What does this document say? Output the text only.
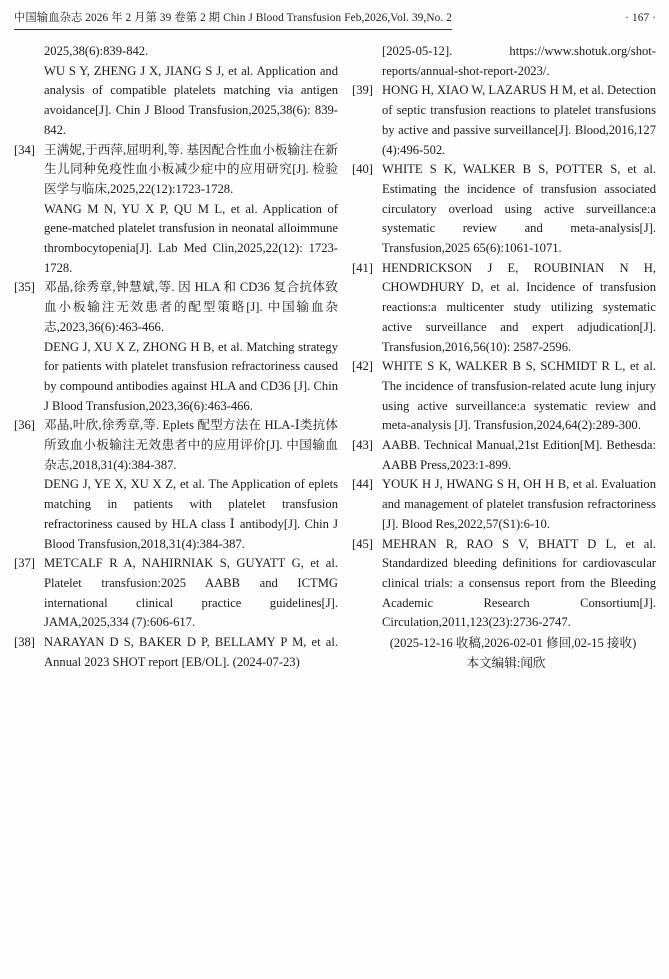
中国输血杂志 2026 年 2 月第 39 卷第 2 期 Chin J Blood Transfusion Feb,2026,Vol. 39,No. 2	· 167 ·
2025,38(6):839-842.
WU S Y, ZHENG J X, JIANG S J, et al. Application and analysis of compatible platelets matching via antigen avoidance[J]. Chin J Blood Transfusion,2025,38(6): 839-842.
[34] 王满妮,于西萍,屈明利,等. 基因配合性血小板输注在新生儿同种免疫性血小板减少症中的应用研究[J]. 检验医学与临床,2025,22(12):1723-1728.
WANG M N, YU X P, QU M L, et al. Application of gene-matched platelet transfusion in neonatal alloimmune thrombocytopenia[J]. Lab Med Clin,2025,22(12): 1723-1728.
[35] 邓晶,徐秀章,钟慧斌,等. 因 HLA 和 CD36 复合抗体致血小板输注无效患者的配型策略[J]. 中国输血杂志,2023,36(6):463-466.
DENG J, XU X Z, ZHONG H B, et al. Matching strategy for patients with platelet transfusion refractoriness caused by compound antibodies against HLA and CD36 [J]. Chin J Blood Transfusion,2023,36(6):463-466.
[36] 邓晶,叶欣,徐秀章,等. Eplets 配型方法在 HLA-Ⅰ类抗体所致血小板输注无效患者中的应用评价[J]. 中国输血杂志,2018,31(4):384-387.
DENG J, YE X, XU X Z, et al. The Application of eplets matching in patients with platelet transfusion refractoriness caused by HLA class Ⅰ antibody[J]. Chin J Blood Transfusion,2018,31(4):384-387.
[37] METCALF R A, NAHIRNIAK S, GUYATT G, et al. Platelet transfusion:2025 AABB and ICTMG international clinical practice guidelines[J]. JAMA,2025,334 (7):606-617.
[38] NARAYAN D S, BAKER D P, BELLAMY P M, et al. Annual 2023 SHOT report [EB/OL]. (2024-07-23)
[2025-05-12]. https://www.shotuk.org/shot-reports/annual-shot-report-2023/.
[39] HONG H, XIAO W, LAZARUS H M, et al. Detection of septic transfusion reactions to platelet transfusions by active and passive surveillance[J]. Blood,2016,127 (4):496-502.
[40] WHITE S K, WALKER B S, POTTER S, et al. Estimating the incidence of transfusion associated circulatory overload using active surveillance:a systematic review and meta-analysis[J]. Transfusion,2025 65(6):1061-1071.
[41] HENDRICKSON J E, ROUBINIAN N H, CHOWDHURY D, et al. Incidence of transfusion reactions:a multicenter study utilizing systematic active surveillance and expert adjudication[J]. Transfusion,2016,56(10): 2587-2596.
[42] WHITE S K, WALKER B S, SCHMIDT R L, et al. The incidence of transfusion-related acute lung injury using active surveillance:a systematic review and meta-analysis [J]. Transfusion,2024,64(2):289-300.
[43] AABB. Technical Manual,21st Edition[M]. Bethesda: AABB Press,2023:1-899.
[44] YOUK H J, HWANG S H, OH H B, et al. Evaluation and management of platelet transfusion refractoriness [J]. Blood Res,2022,57(S1):6-10.
[45] MEHRAN R, RAO S V, BHATT D L, et al. Standardized bleeding definitions for cardiovascular clinical trials: a consensus report from the Bleeding Academic Research Consortium[J]. Circulation,2011,123(23):2736-2747.
(2025-12-16 收稿,2026-02-01 修回,02-15 接收)
本文编辑:闻欣
